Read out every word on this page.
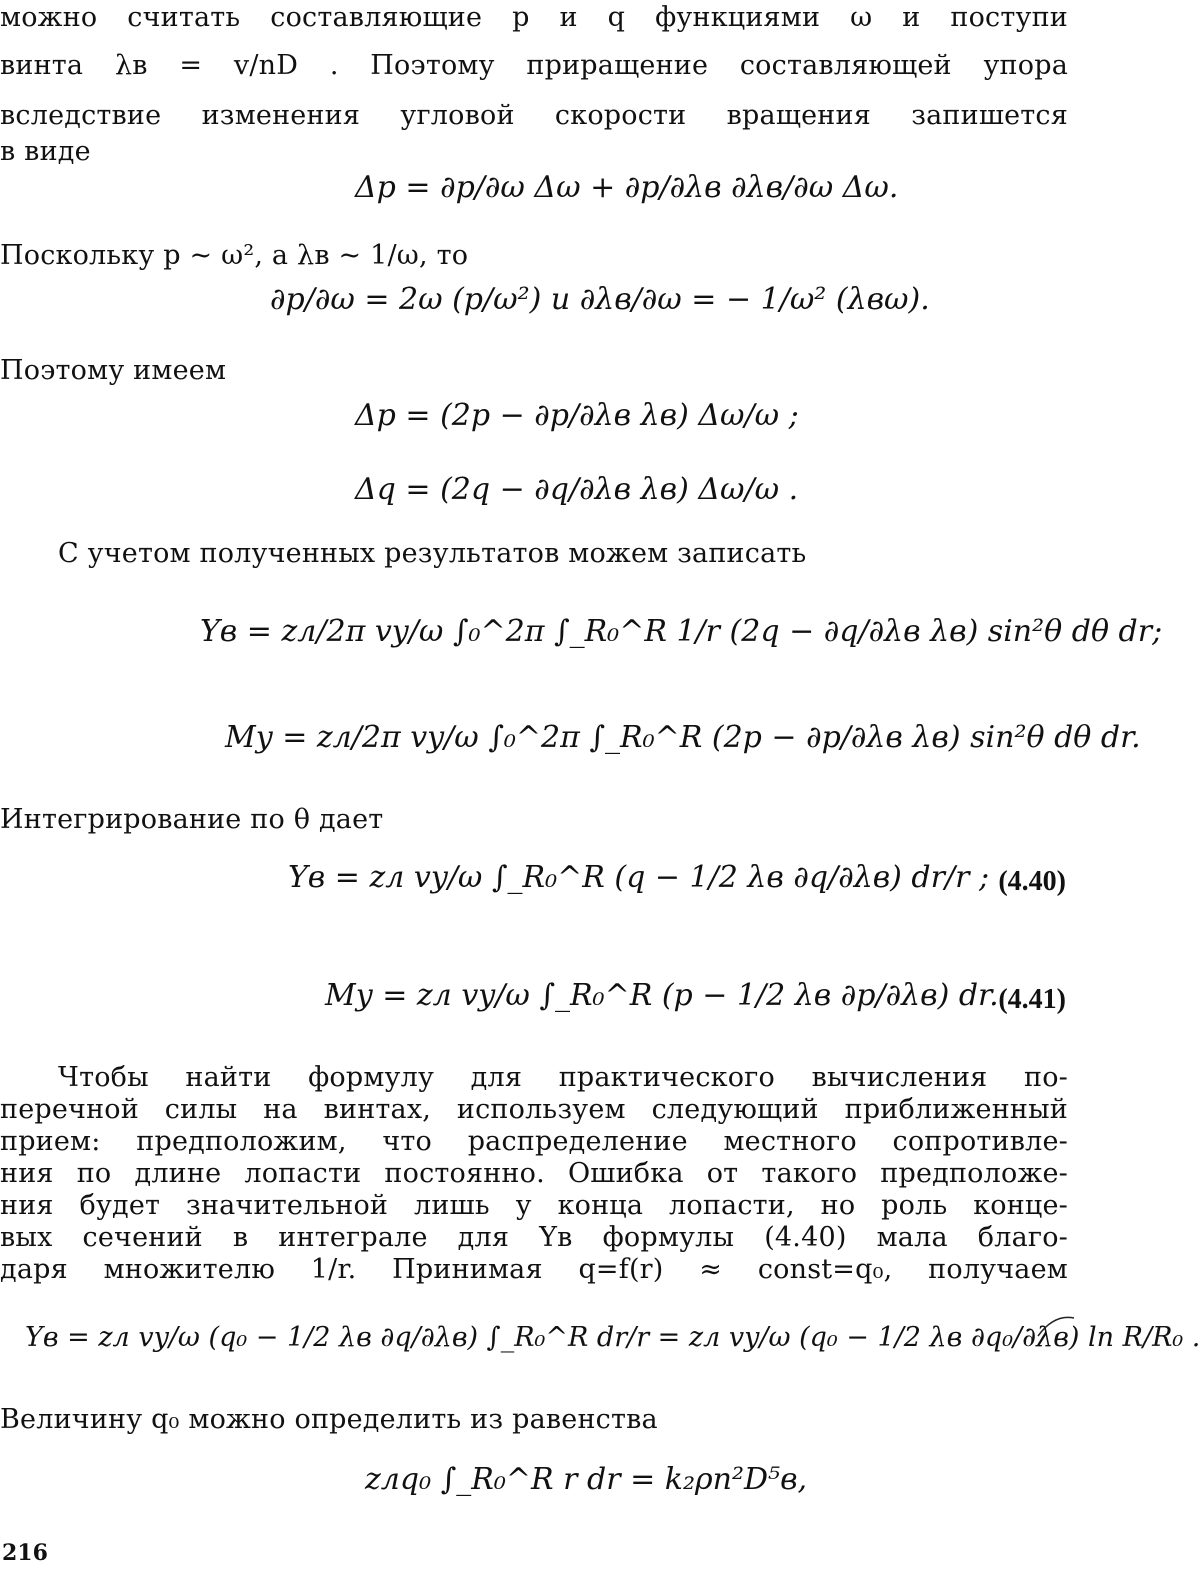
можно считать составляющие p и q функциями ω и поступи
винта λв = v/nD . Поэтому приращение составляющей упора
вследствие изменения угловой скорости вращения запишется
в виде
Δp = ∂p/∂ω Δω + ∂p/∂λв ∂λв/∂ω Δω.
Поскольку p ~ ω², а λв ~ 1/ω, то
∂p/∂ω = 2ω (p/ω²) и ∂λв/∂ω = − 1/ω² (λвω).
Поэтому имеем
Δp = (2p − ∂p/∂λв λв) Δω/ω ;
Δq = (2q − ∂q/∂λв λв) Δω/ω .
С учетом полученных результатов можем записать
Yв = zл/2π vy/ω ∫₀^2π ∫_R₀^R 1/r (2q − ∂q/∂λв λв) sin²θ dθ dr;
My = zл/2π vy/ω ∫₀^2π ∫_R₀^R (2p − ∂p/∂λв λв) sin²θ dθ dr.
Интегрирование по θ дает
Yв = zл vy/ω ∫_R₀^R (q − 1/2 λв ∂q/∂λв) dr/r ; (4.40)
My = zл vy/ω ∫_R₀^R (p − 1/2 λв ∂p/∂λв) dr. (4.41)
Чтобы найти формулу для практического вычисления по-
перечной силы на винтах, используем следующий приближенный
прием: предположим, что распределение местного сопротивле-
ния по длине лопасти постоянно. Ошибка от такого предположе-
ния будет значительной лишь у конца лопасти, но роль концe-
вых сечений в интеграле для Yв формулы (4.40) мала благо-
даря множителю 1/r. Принимая q=f(r) ≈ const=q₀, получаем
Yв = zл vy/ω (q₀ − 1/2 λв ∂q/∂λв) ∫_R₀^R dr/r = zл vy/ω (q₀ − 1/2 λв ∂q₀/∂λв) ln R/R₀ .
Величину q₀ можно определить из равенства
zлq₀ ∫_R₀^R r dr = k₂ρn²D⁵в,
216
